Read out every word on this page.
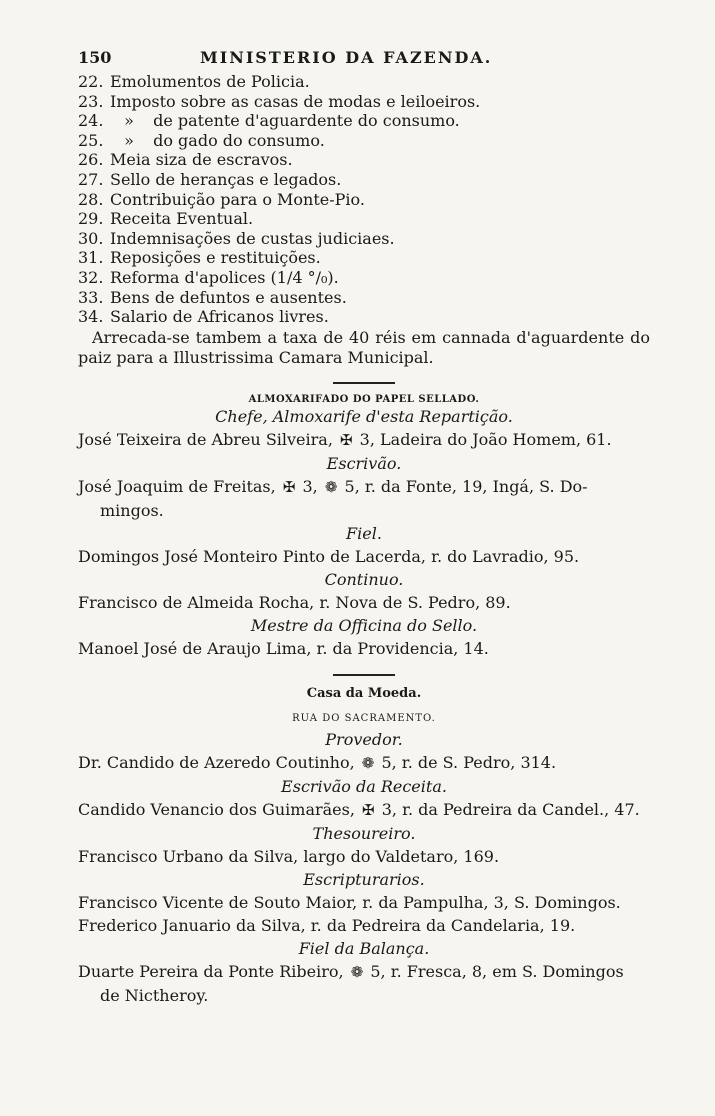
150	MINISTERIO DA FAZENDA.
22. Emolumentos de Policia.
23. Imposto sobre as casas de modas e leiloeiros.
24. » de patente d'aguardente do consumo.
25. » do gado do consumo.
26. Meia siza de escravos.
27. Sello de heranças e legados.
28. Contribuição para o Monte-Pio.
29. Receita Eventual.
30. Indemnisações de custas judiciaes.
31. Reposições e restituições.
32. Reforma d'apolices (1/4 °/₀).
33. Bens de defuntos e ausentes.
34. Salario de Africanos livres.
Arrecada-se tambem a taxa de 40 réis em cannada d'aguardente do paiz para a Illustrissima Camara Municipal.
ALMOXARIFADO DO PAPEL SELLADO.
Chefe, Almoxarife d'esta Repartição.
José Teixeira de Abreu Silveira, ✠ 3, Ladeira do João Homem, 61.
Escrivão.
José Joaquim de Freitas, ✠ 3, ❁ 5, r. da Fonte, 19, Ingá, S. Do-
mingos.
Fiel.
Domingos José Monteiro Pinto de Lacerda, r. do Lavradio, 95.
Continuo.
Francisco de Almeida Rocha, r. Nova de S. Pedro, 89.
Mestre da Officina do Sello.
Manoel José de Araujo Lima, r. da Providencia, 14.
Casa da Moeda.
RUA DO SACRAMENTO.
Provedor.
Dr. Candido de Azeredo Coutinho, ❁ 5, r. de S. Pedro, 314.
Escrivão da Receita.
Candido Venancio dos Guimarães, ✠ 3, r. da Pedreira da Candel., 47.
Thesoureiro.
Francisco Urbano da Silva, largo do Valdetaro, 169.
Escripturarios.
Francisco Vicente de Souto Maior, r. da Pampulha, 3, S. Domingos.
Frederico Januario da Silva, r. da Pedreira da Candelaria, 19.
Fiel da Balança.
Duarte Pereira da Ponte Ribeiro, ❁ 5, r. Fresca, 8, em S. Domingos
de Nictheroy.
